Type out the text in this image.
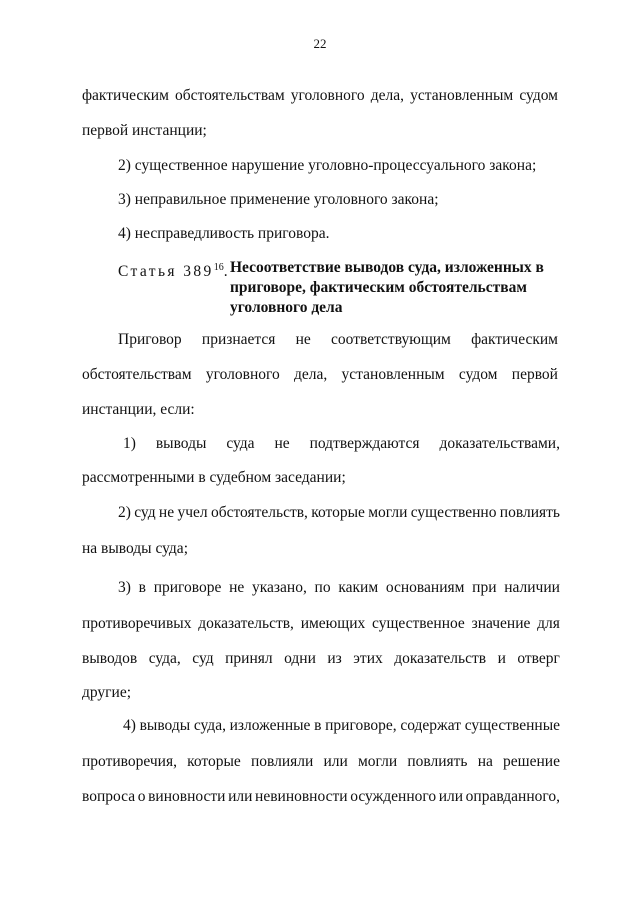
22
фактическим обстоятельствам уголовного дела, установленным судом
первой инстанции;
2) существенное нарушение уголовно-процессуального закона;
3) неправильное применение уголовного закона;
4) несправедливость приговора.
Статья $389^{16}$. Несоответствие выводов суда, изложенных в
приговоре, фактическим обстоятельствам
уголовного дела
Приговор признается не соответствующим фактическим
обстоятельствам уголовного дела, установленным судом первой
инстанции, если:
1) выводы суда не подтверждаются доказательствами,
рассмотренными в судебном заседании;
2) суд не учел обстоятельств, которые могли существенно повлиять
на выводы суда;
3) в приговоре не указано, по каким основаниям при наличии
противоречивых доказательств, имеющих существенное значение для
выводов суда, суд принял одни из этих доказательств и отверг
другие;
4) выводы суда, изложенные в приговоре, содержат существенные
противоречия, которые повлияли или могли повлиять на решение
вопроса о виновности или невиновности осужденного или оправданного,
